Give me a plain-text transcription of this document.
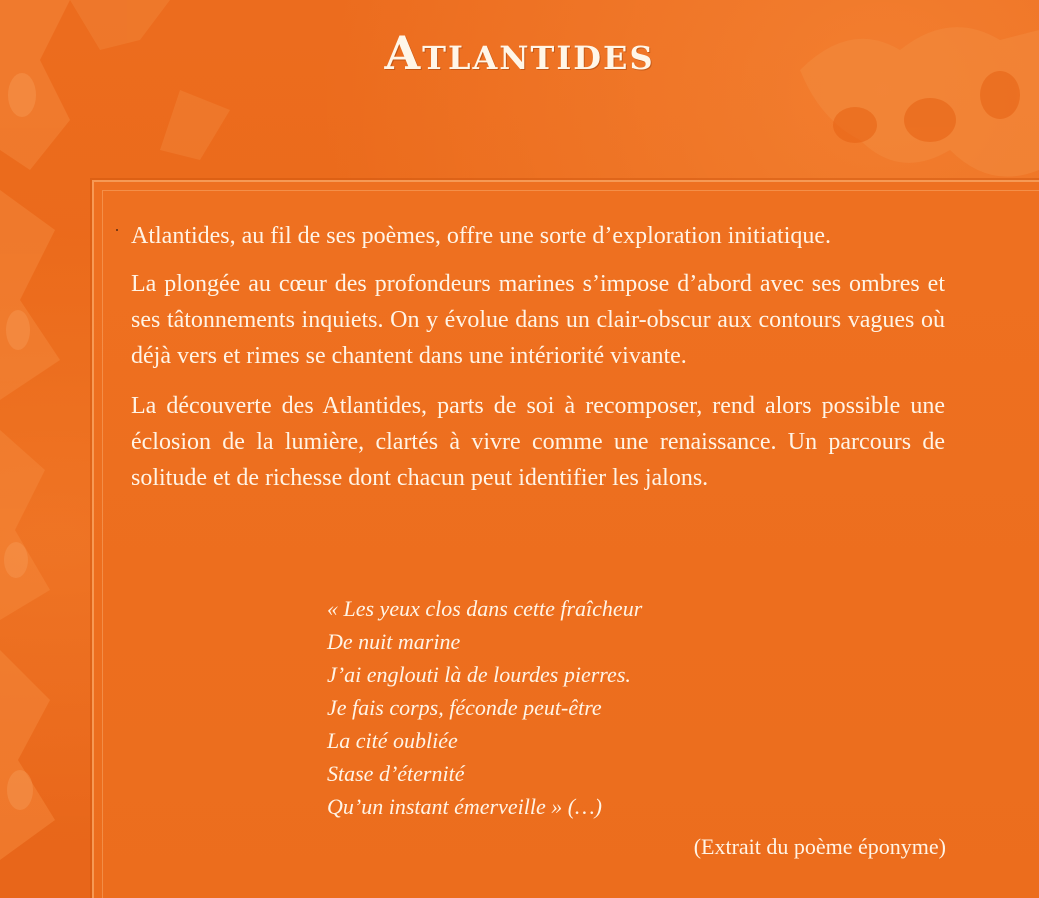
Atlantides

Atlantides, au fil de ses poèmes, offre une sorte d’exploration initiatique.

La plongée au cœur des profondeurs marines s’impose d’abord avec ses ombres et ses tâtonnements inquiets. On y évolue dans un clair-obscur aux contours vagues où déjà vers et rimes se chantent dans une intériorité vivante.

La découverte des Atlantides, parts de soi à recomposer, rend alors possible une éclosion de la lumière, clartés à vivre comme une renaissance. Un parcours de solitude et de richesse dont chacun peut identifier les jalons.

« Les yeux clos dans cette fraîcheur
De nuit marine
J’ai englouti là de lourdes pierres.
Je fais corps, féconde peut-être
La cité oubliée
Stase d’éternité
Qu’un instant émerveille » (…)
(Extrait du poème éponyme)
